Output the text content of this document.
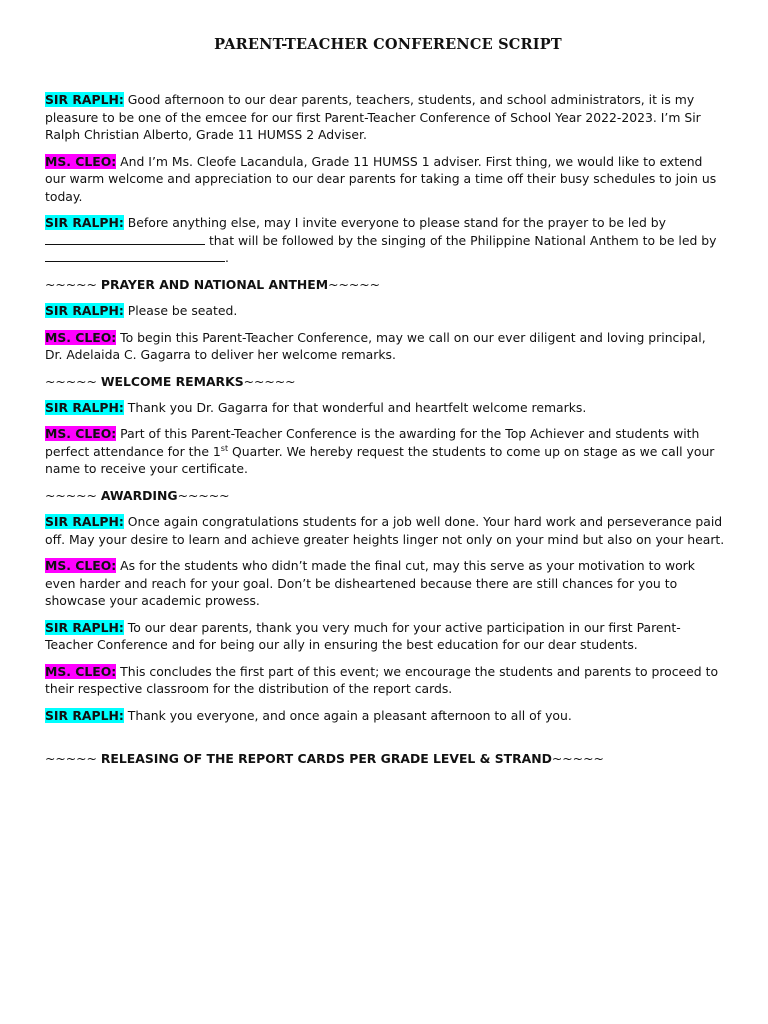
PARENT-TEACHER CONFERENCE SCRIPT

SIR RAPLH: Good afternoon to our dear parents, teachers, students, and school administrators, it is my pleasure to be one of the emcee for our first Parent-Teacher Conference of School Year 2022-2023. I’m Sir Ralph Christian Alberto, Grade 11 HUMSS 2 Adviser.

MS. CLEO: And I’m Ms. Cleofe Lacandula, Grade 11 HUMSS 1 adviser. First thing, we would like to extend our warm welcome and appreciation to our dear parents for taking a time off their busy schedules to join us today.

SIR RALPH: Before anything else, may I invite everyone to please stand for the prayer to be led by  that will be followed by the singing of the Philippine National Anthem to be led by .

~~~~~ PRAYER AND NATIONAL ANTHEM~~~~~

SIR RALPH: Please be seated.

MS. CLEO: To begin this Parent-Teacher Conference, may we call on our ever diligent and loving principal, Dr. Adelaida C. Gagarra to deliver her welcome remarks.

~~~~~ WELCOME REMARKS~~~~~

SIR RALPH: Thank you Dr. Gagarra for that wonderful and heartfelt welcome remarks.

MS. CLEO: Part of this Parent-Teacher Conference is the awarding for the Top Achiever and students with perfect attendance for the 1st Quarter. We hereby request the students to come up on stage as we call your name to receive your certificate.

~~~~~ AWARDING~~~~~

SIR RALPH: Once again congratulations students for a job well done. Your hard work and perseverance paid off. May your desire to learn and achieve greater heights linger not only on your mind but also on your heart.

MS. CLEO: As for the students who didn’t made the final cut, may this serve as your motivation to work even harder and reach for your goal. Don’t be disheartened because there are still chances for you to showcase your academic prowess.

SIR RAPLH: To our dear parents, thank you very much for your active participation in our first Parent-Teacher Conference and for being our ally in ensuring the best education for our dear students.

MS. CLEO: This concludes the first part of this event; we encourage the students and parents to proceed to their respective classroom for the distribution of the report cards.

SIR RAPLH: Thank you everyone, and once again a pleasant afternoon to all of you.

~~~~~ RELEASING OF THE REPORT CARDS PER GRADE LEVEL & STRAND~~~~~
